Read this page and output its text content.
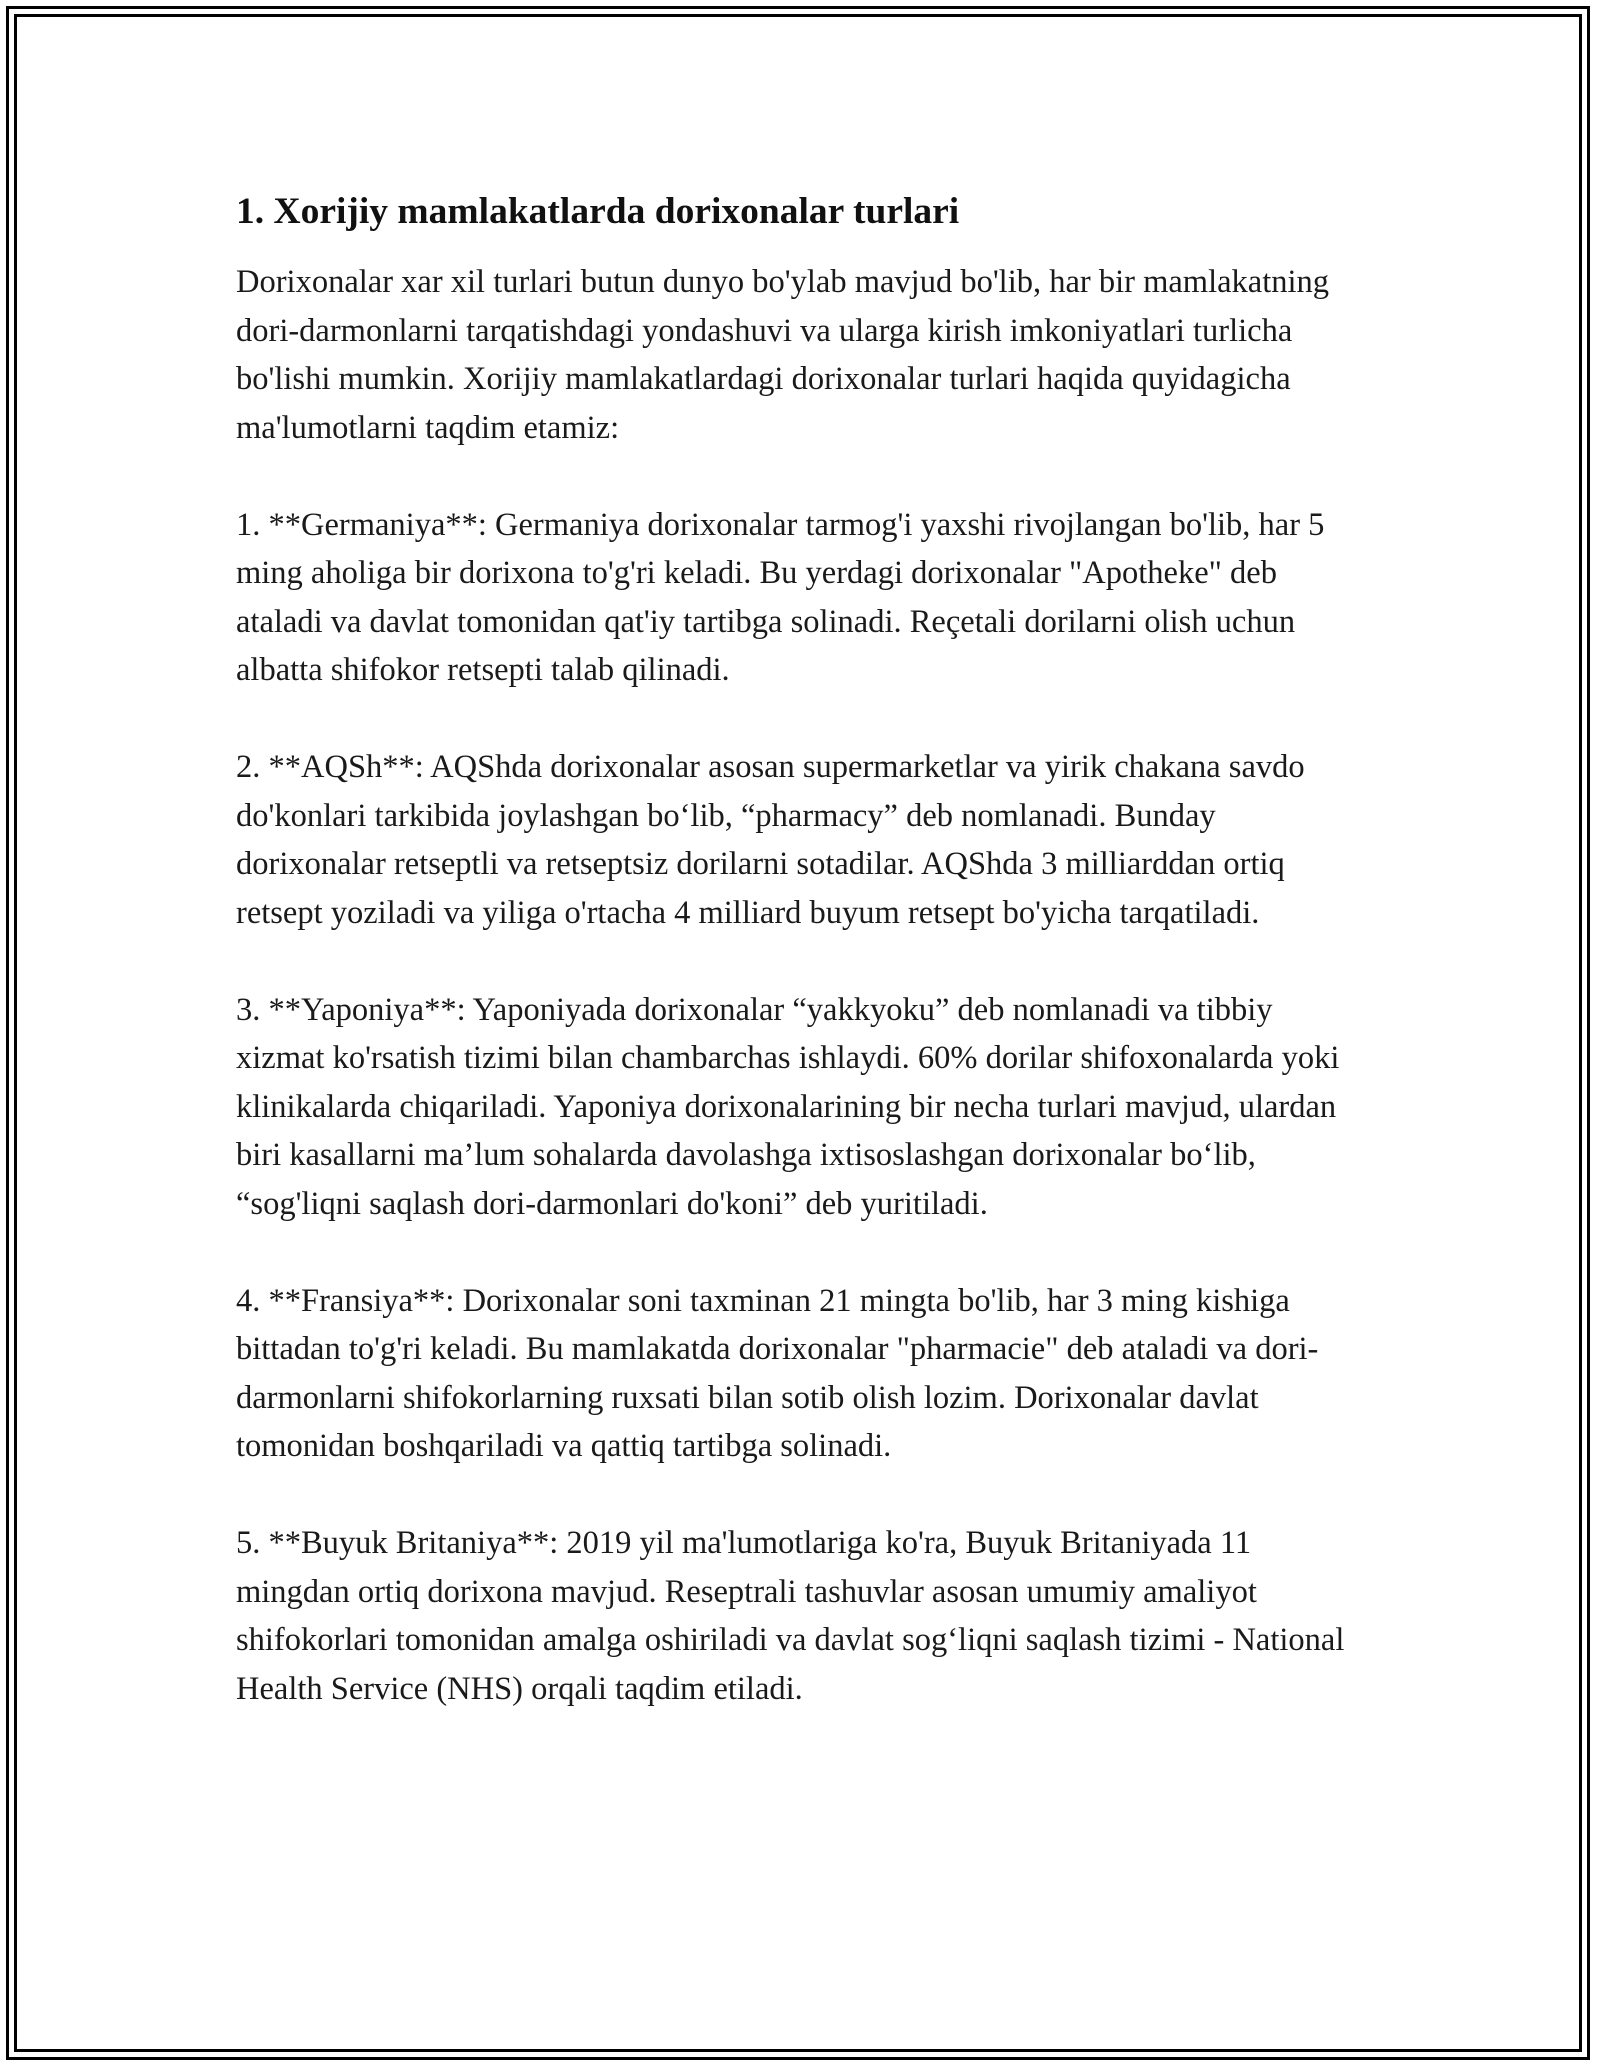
1. Xorijiy mamlakatlarda dorixonalar turlari

Dorixonalar xar xil turlari butun dunyo bo'ylab mavjud bo'lib, har bir mamlakatning dori-darmonlarni tarqatishdagi yondashuvi va ularga kirish imkoniyatlari turlicha bo'lishi mumkin. Xorijiy mamlakatlardagi dorixonalar turlari haqida quyidagicha ma'lumotlarni taqdim etamiz:

1. **Germaniya**: Germaniya dorixonalar tarmog'i yaxshi rivojlangan bo'lib, har 5 ming aholiga bir dorixona to'g'ri keladi. Bu yerdagi dorixonalar "Apotheke" deb ataladi va davlat tomonidan qat'iy tartibga solinadi. Reçetali dorilarni olish uchun albatta shifokor retsepti talab qilinadi.

2. **AQSh**: AQShda dorixonalar asosan supermarketlar va yirik chakana savdo do'konlari tarkibida joylashgan bo‘lib, “pharmacy” deb nomlanadi. Bunday dorixonalar retseptli va retseptsiz dorilarni sotadilar. AQShda 3 milliarddan ortiq retsept yoziladi va yiliga o'rtacha 4 milliard buyum retsept bo'yicha tarqatiladi.

3. **Yaponiya**: Yaponiyada dorixonalar “yakkyoku” deb nomlanadi va tibbiy xizmat ko'rsatish tizimi bilan chambarchas ishlaydi. 60% dorilar shifoxonalarda yoki klinikalarda chiqariladi. Yaponiya dorixonalarining bir necha turlari mavjud, ulardan biri kasallarni ma’lum sohalarda davolashga ixtisoslashgan dorixonalar bo‘lib, “sog'liqni saqlash dori-darmonlari do'koni” deb yuritiladi.

4. **Fransiya**: Dorixonalar soni taxminan 21 mingta bo'lib, har 3 ming kishiga bittadan to'g'ri keladi. Bu mamlakatda dorixonalar "pharmacie" deb ataladi va dori-darmonlarni shifokorlarning ruxsati bilan sotib olish lozim. Dorixonalar davlat tomonidan boshqariladi va qattiq tartibga solinadi.

5. **Buyuk Britaniya**: 2019 yil ma'lumotlariga ko'ra, Buyuk Britaniyada 11 mingdan ortiq dorixona mavjud. Reseptrali tashuvlar asosan umumiy amaliyot shifokorlari tomonidan amalga oshiriladi va davlat sog‘liqni saqlash tizimi - National Health Service (NHS) orqali taqdim etiladi.
